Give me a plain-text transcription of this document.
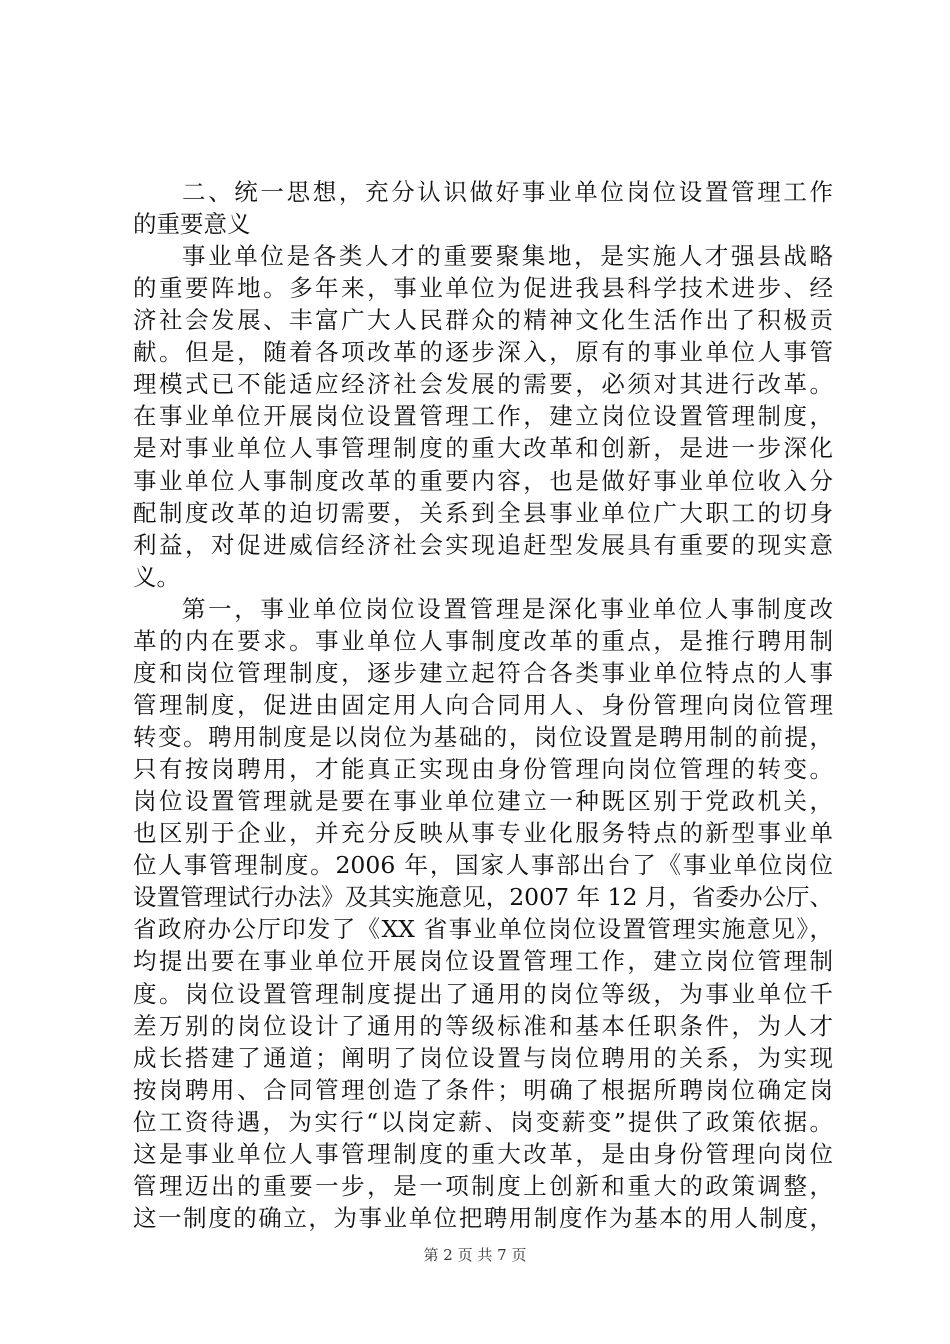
二、统一思想，充分认识做好事业单位岗位设置管理工作
的重要意义
事业单位是各类人才的重要聚集地，是实施人才强县战略
的重要阵地。多年来，事业单位为促进我县科学技术进步、经
济社会发展、丰富广大人民群众的精神文化生活作出了积极贡
献。但是，随着各项改革的逐步深入，原有的事业单位人事管
理模式已不能适应经济社会发展的需要，必须对其进行改革。
在事业单位开展岗位设置管理工作，建立岗位设置管理制度，
是对事业单位人事管理制度的重大改革和创新，是进一步深化
事业单位人事制度改革的重要内容，也是做好事业单位收入分
配制度改革的迫切需要，关系到全县事业单位广大职工的切身
利益，对促进威信经济社会实现追赶型发展具有重要的现实意
义。
第一，事业单位岗位设置管理是深化事业单位人事制度改
革的内在要求。事业单位人事制度改革的重点，是推行聘用制
度和岗位管理制度，逐步建立起符合各类事业单位特点的人事
管理制度，促进由固定用人向合同用人、身份管理向岗位管理
转变。聘用制度是以岗位为基础的，岗位设置是聘用制的前提，
只有按岗聘用，才能真正实现由身份管理向岗位管理的转变。
岗位设置管理就是要在事业单位建立一种既区别于党政机关，
也区别于企业，并充分反映从事专业化服务特点的新型事业单
位人事管理制度。2006 年，国家人事部出台了《事业单位岗位
设置管理试行办法》及其实施意见，2007 年 12 月，省委办公厅、
省政府办公厅印发了《XX 省事业单位岗位设置管理实施意见》，
均提出要在事业单位开展岗位设置管理工作，建立岗位管理制
度。岗位设置管理制度提出了通用的岗位等级，为事业单位千
差万别的岗位设计了通用的等级标准和基本任职条件，为人才
成长搭建了通道；阐明了岗位设置与岗位聘用的关系，为实现
按岗聘用、合同管理创造了条件；明确了根据所聘岗位确定岗
位工资待遇，为实行“以岗定薪、岗变薪变”提供了政策依据。
这是事业单位人事管理制度的重大改革，是由身份管理向岗位
管理迈出的重要一步，是一项制度上创新和重大的政策调整，
这一制度的确立，为事业单位把聘用制度作为基本的用人制度，
第 2 页 共 7 页
